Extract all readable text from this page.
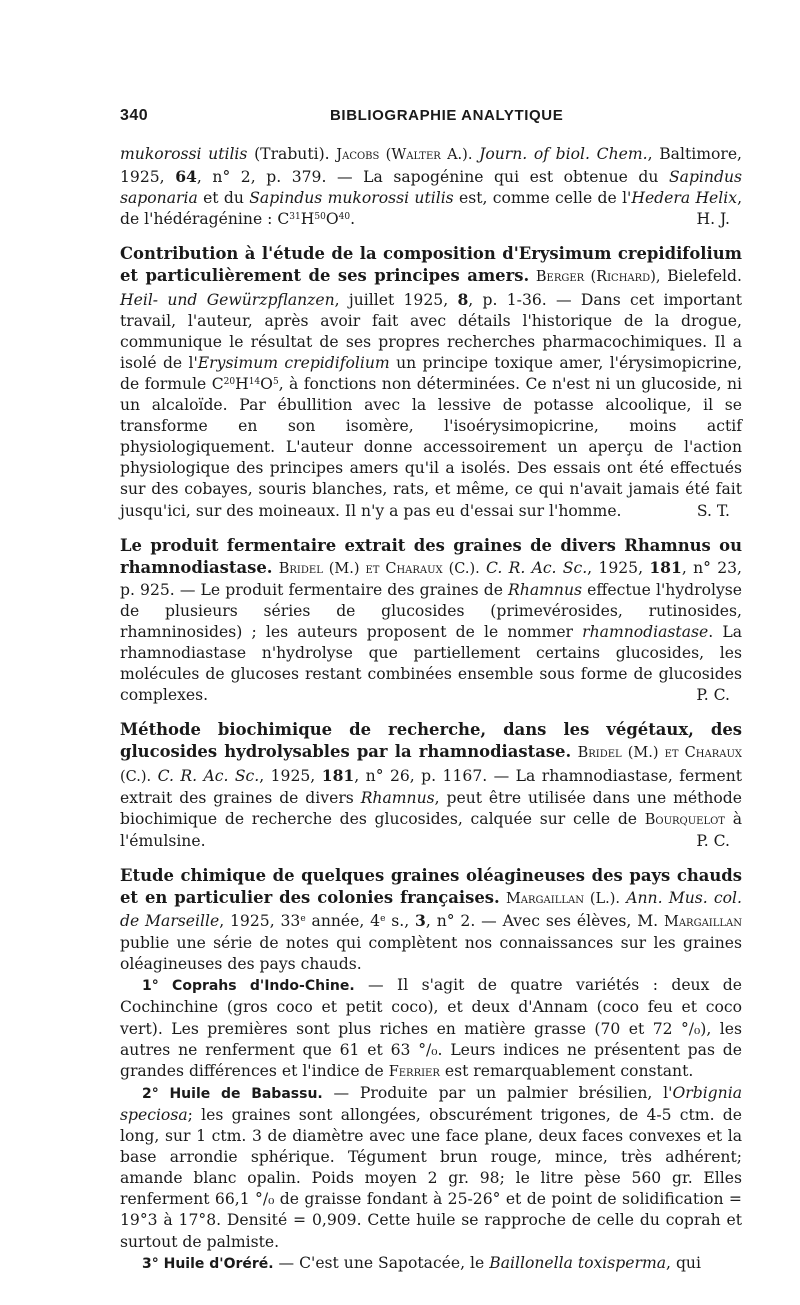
340	BIBLIOGRAPHIE ANALYTIQUE

mukorossi utilis (Trabuti). Jacobs (Walter A.). Journ. of biol. Chem., Baltimore, 1925, 64, n° 2, p. 379. — La sapogénine qui est obtenue du Sapindus saponaria et du Sapindus mukorossi utilis est, comme celle de l'Hedera Helix, de l'hédéragénine : $C^{31}H^{50}O^{40}$.	H. J.

Contribution à l'étude de la composition d'Erysimum crepidifolium et particulièrement de ses principes amers. Berger (Richard), Bielefeld. Heil- und Gewürzpflanzen, juillet 1925, 8, p. 1-36. — Dans cet important travail, l'auteur, après avoir fait avec détails l'historique de la drogue, communique le résultat de ses propres recherches pharmacochimiques. Il a isolé de l'Erysimum crepidifolium un principe toxique amer, l'érysimopicrine, de formule $C^{20}H^{14}O^5$, à fonctions non déterminées. Ce n'est ni un glucoside, ni un alcaloïde. Par ébullition avec la lessive de potasse alcoolique, il se transforme en son isomère, l'isoérysimopicrine, moins actif physiologiquement. L'auteur donne accessoirement un aperçu de l'action physiologique des principes amers qu'il a isolés. Des essais ont été effectués sur des cobayes, souris blanches, rats, et même, ce qui n'avait jamais été fait jusqu'ici, sur des moineaux. Il n'y a pas eu d'essai sur l'homme.	S. T.

Le produit fermentaire extrait des graines de divers Rhamnus ou rhamnodiastase. Bridel (M.) et Charaux (C.). C. R. Ac. Sc., 1925, 181, n° 23, p. 925. — Le produit fermentaire des graines de Rhamnus effectue l'hydrolyse de plusieurs séries de glucosides (primevérosides, rutinosides, rhamninosides) ; les auteurs proposent de le nommer rhamnodiastase. La rhamnodiastase n'hydrolyse que partiellement certains glucosides, les molécules de glucoses restant combinées ensemble sous forme de glucosides complexes.	P. C.

Méthode biochimique de recherche, dans les végétaux, des glucosides hydrolysables par la rhamnodiastase. Bridel (M.) et Charaux (C.). C. R. Ac. Sc., 1925, 181, n° 26, p. 1167. — La rhamnodiastase, ferment extrait des graines de divers Rhamnus, peut être utilisée dans une méthode biochimique de recherche des glucosides, calquée sur celle de Bourquelot à l'émulsine.	P. C.

Etude chimique de quelques graines oléagineuses des pays chauds et en particulier des colonies françaises. Margaillan (L.). Ann. Mus. col. de Marseille, 1925, 33e année, 4e s., 3, n° 2. — Avec ses élèves, M. Margaillan publie une série de notes qui complètent nos connaissances sur les graines oléagineuses des pays chauds.

1° Coprahs d'Indo-Chine. — Il s'agit de quatre variétés : deux de Cochinchine (gros coco et petit coco), et deux d'Annam (coco feu et coco vert). Les premières sont plus riches en matière grasse (70 et 72 °/₀), les autres ne renferment que 61 et 63 °/₀. Leurs indices ne présentent pas de grandes différences et l'indice de Ferrier est remarquablement constant.

2° Huile de Babassu. — Produite par un palmier brésilien, l'Orbignia speciosa; les graines sont allongées, obscurément trigones, de 4-5 ctm. de long, sur 1 ctm. 3 de diamètre avec une face plane, deux faces convexes et la base arrondie sphérique. Tégument brun rouge, mince, très adhérent; amande blanc opalin. Poids moyen 2 gr. 98; le litre pèse 560 gr. Elles renferment 66,1 °/₀ de graisse fondant à 25-26° et de point de solidification = 19°3 à 17°8. Densité = 0,909. Cette huile se rapproche de celle du coprah et surtout de palmiste.

3° Huile d'Oréré. — C'est une Sapotacée, le Baillonella toxisperma, qui
